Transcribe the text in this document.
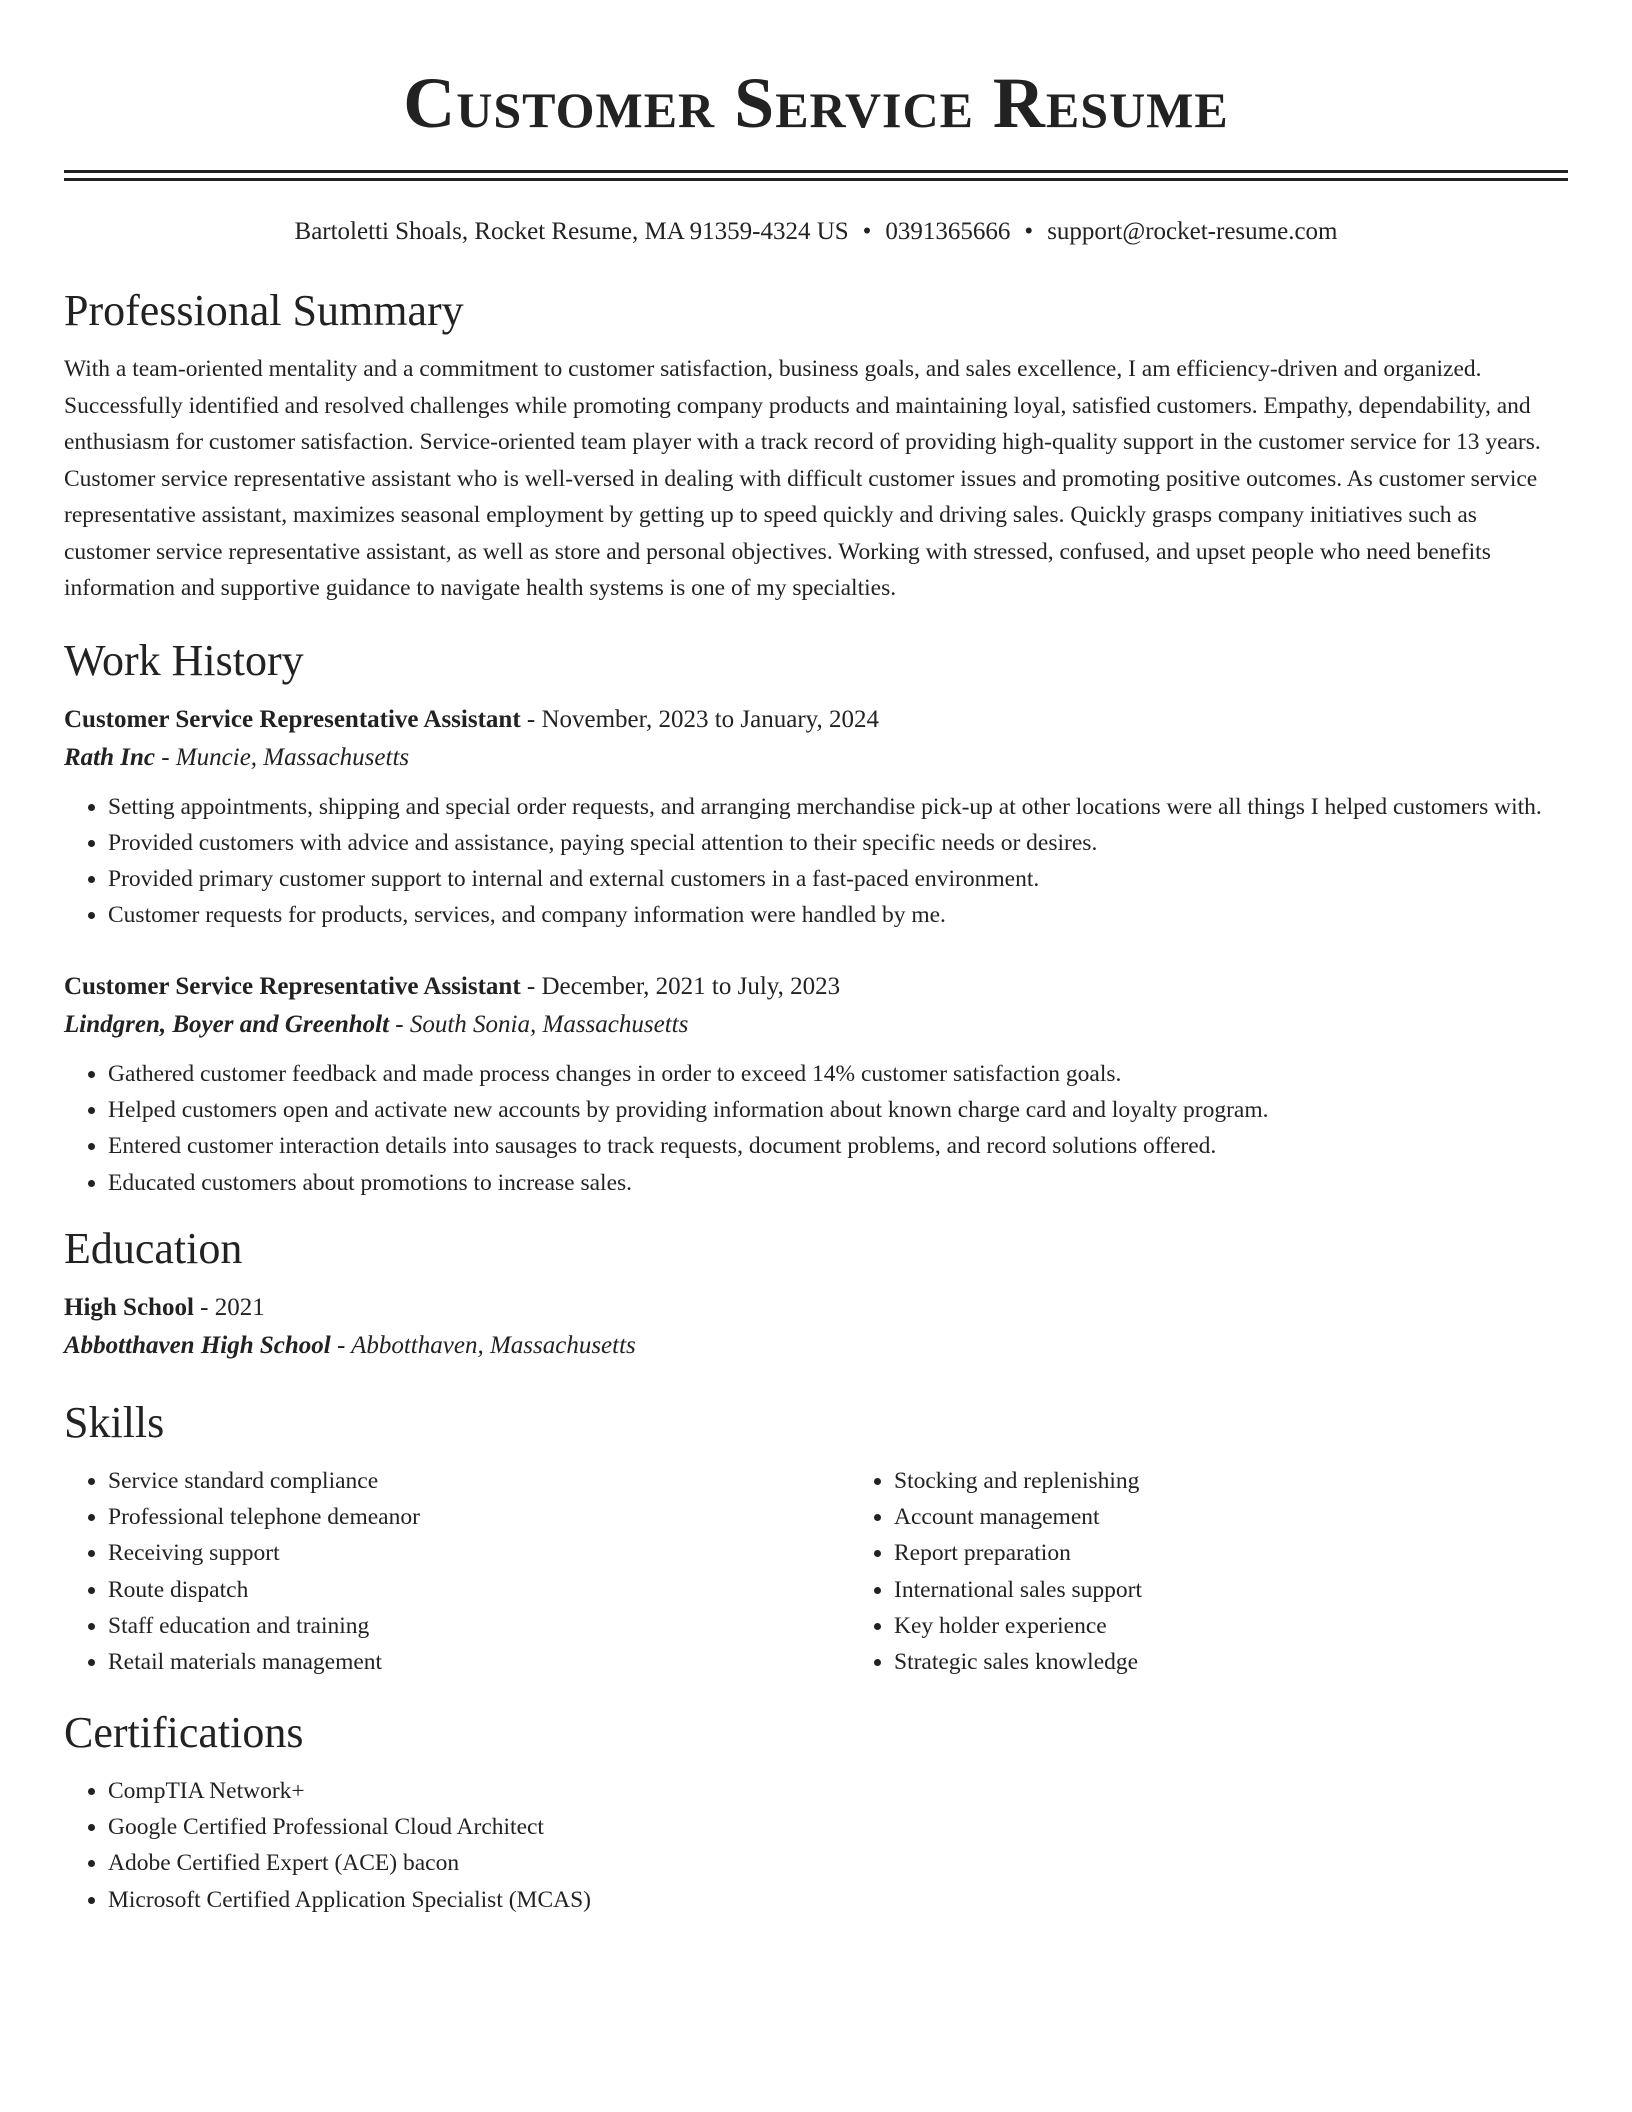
Customer Service Resume
Bartoletti Shoals, Rocket Resume, MA 91359-4324 US • 0391365666 • support@rocket-resume.com
Professional Summary
With a team-oriented mentality and a commitment to customer satisfaction, business goals, and sales excellence, I am efficiency-driven and organized. Successfully identified and resolved challenges while promoting company products and maintaining loyal, satisfied customers. Empathy, dependability, and enthusiasm for customer satisfaction. Service-oriented team player with a track record of providing high-quality support in the customer service for 13 years. Customer service representative assistant who is well-versed in dealing with difficult customer issues and promoting positive outcomes. As customer service representative assistant, maximizes seasonal employment by getting up to speed quickly and driving sales. Quickly grasps company initiatives such as customer service representative assistant, as well as store and personal objectives. Working with stressed, confused, and upset people who need benefits information and supportive guidance to navigate health systems is one of my specialties.
Work History
Customer Service Representative Assistant - November, 2023 to January, 2024
Rath Inc - Muncie, Massachusetts
• Setting appointments, shipping and special order requests, and arranging merchandise pick-up at other locations were all things I helped customers with.
• Provided customers with advice and assistance, paying special attention to their specific needs or desires.
• Provided primary customer support to internal and external customers in a fast-paced environment.
• Customer requests for products, services, and company information were handled by me.
Customer Service Representative Assistant - December, 2021 to July, 2023
Lindgren, Boyer and Greenholt - South Sonia, Massachusetts
• Gathered customer feedback and made process changes in order to exceed 14% customer satisfaction goals.
• Helped customers open and activate new accounts by providing information about known charge card and loyalty program.
• Entered customer interaction details into sausages to track requests, document problems, and record solutions offered.
• Educated customers about promotions to increase sales.
Education
High School - 2021
Abbotthaven High School - Abbotthaven, Massachusetts
Skills
• Service standard compliance
• Professional telephone demeanor
• Receiving support
• Route dispatch
• Staff education and training
• Retail materials management
• Stocking and replenishing
• Account management
• Report preparation
• International sales support
• Key holder experience
• Strategic sales knowledge
Certifications
• CompTIA Network+
• Google Certified Professional Cloud Architect
• Adobe Certified Expert (ACE) bacon
• Microsoft Certified Application Specialist (MCAS)
